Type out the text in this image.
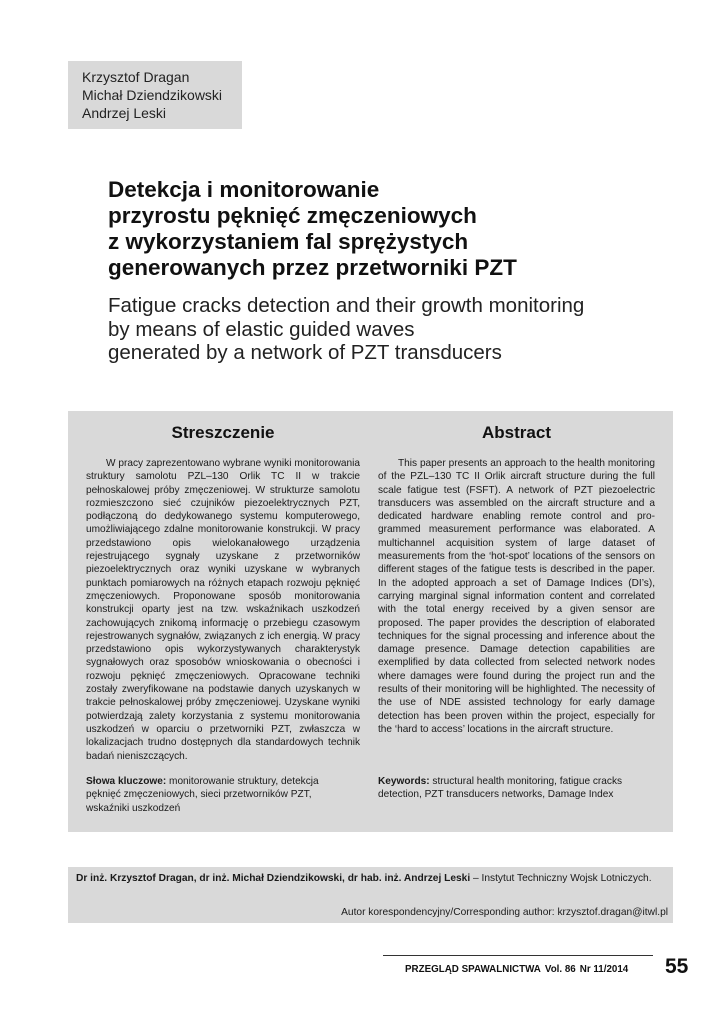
Krzysztof Dragan
Michał Dziendzikowski
Andrzej Leski
Detekcja i monitorowanie
przyrostu pęknięć zmęczeniowych
z wykorzystaniem fal sprężystych
generowanych przez przetworniki PZT
Fatigue cracks detection and their growth monitoring
by means of elastic guided waves
generated by a network of PZT transducers
Streszczenie	Abstract

W pracy zaprezentowano wybrane wyniki monitorowania struktury samolotu PZL–130 Orlik TC II w trakcie pełnoskalowej próby zmęczeniowej. W strukturze samolotu rozmieszczono sieć czujników piezoelektrycznych PZT, podłączoną do dedykowanego systemu komputerowego, umożliwiającego zdalne monitorowanie konstrukcji. W pracy przedstawiono opis wielokanałowego urządzenia rejestrującego sygnały uzyskane z przetworników piezoelektrycznych oraz wyniki uzyskane w wybranych punktach pomiarowych na różnych etapach rozwoju pęknięć zmęczeniowych. Proponowane sposób monitorowania konstrukcji oparty jest na tzw. wskaźnikach uszkodzeń zachowujących znikomą informację o przebiegu czasowym rejestrowanych sygnałów, związanych z ich energią. W pracy przedstawiono opis wykorzystywanych charakterystyk sygnałowych oraz sposobów wnioskowania o obecności i rozwoju pęknięć zmęczeniowych. Opracowane techniki zostały zweryfikowane na podstawie danych uzyskanych w trakcie pełnoskalowej próby zmęczeniowej. Uzyskane wyniki potwierdzają zalety korzystania z systemu monitorowania uszkodzeń w oparciu o przetworniki PZT, zwłaszcza w lokalizacjach trudno dostępnych dla standardowych technik badań nieniszczących.

This paper presents an approach to the health monitoring of the PZL–130 TC II Orlik aircraft structure during the full scale fatigue test (FSFT). A network of PZT piezoelectric transducers was assembled on the aircraft structure and a dedicated hardware enabling remote control and pro-grammed measurement performance was elaborated. A multichannel acquisition system of large dataset of measurements from the ‘hot-spot’ locations of the sensors on different stages of the fatigue tests is described in the paper. In the adopted approach a set of Damage Indices (DI’s), carrying marginal signal information content and correlated with the total energy received by a given sensor are proposed. The paper provides the description of elaborated techniques for the signal processing and inference about the damage presence. Damage detection capabilities are exemplified by data collected from selected network nodes where damages were found during the project run and the results of their monitoring will be highlighted. The necessity of the use of NDE assisted technology for early damage detection has been proven within the project, especially for the ‘hard to access’ locations in the aircraft structure.

Słowa kluczowe: monitorowanie struktury, detekcja pęknięć zmęczeniowych, sieci przetworników PZT, wskaźniki uszkodzeń
Keywords: structural health monitoring, fatigue cracks detection, PZT transducers networks, Damage Index
Dr inż. Krzysztof Dragan, dr inż. Michał Dziendzikowski, dr hab. inż. Andrzej Leski – Instytut Techniczny Wojsk Lotniczych.
Autor korespondencyjny/Corresponding author: krzysztof.dragan@itwl.pl
PRZEGLĄD SPAWALNICTWA Vol. 86 Nr 11/2014 55
